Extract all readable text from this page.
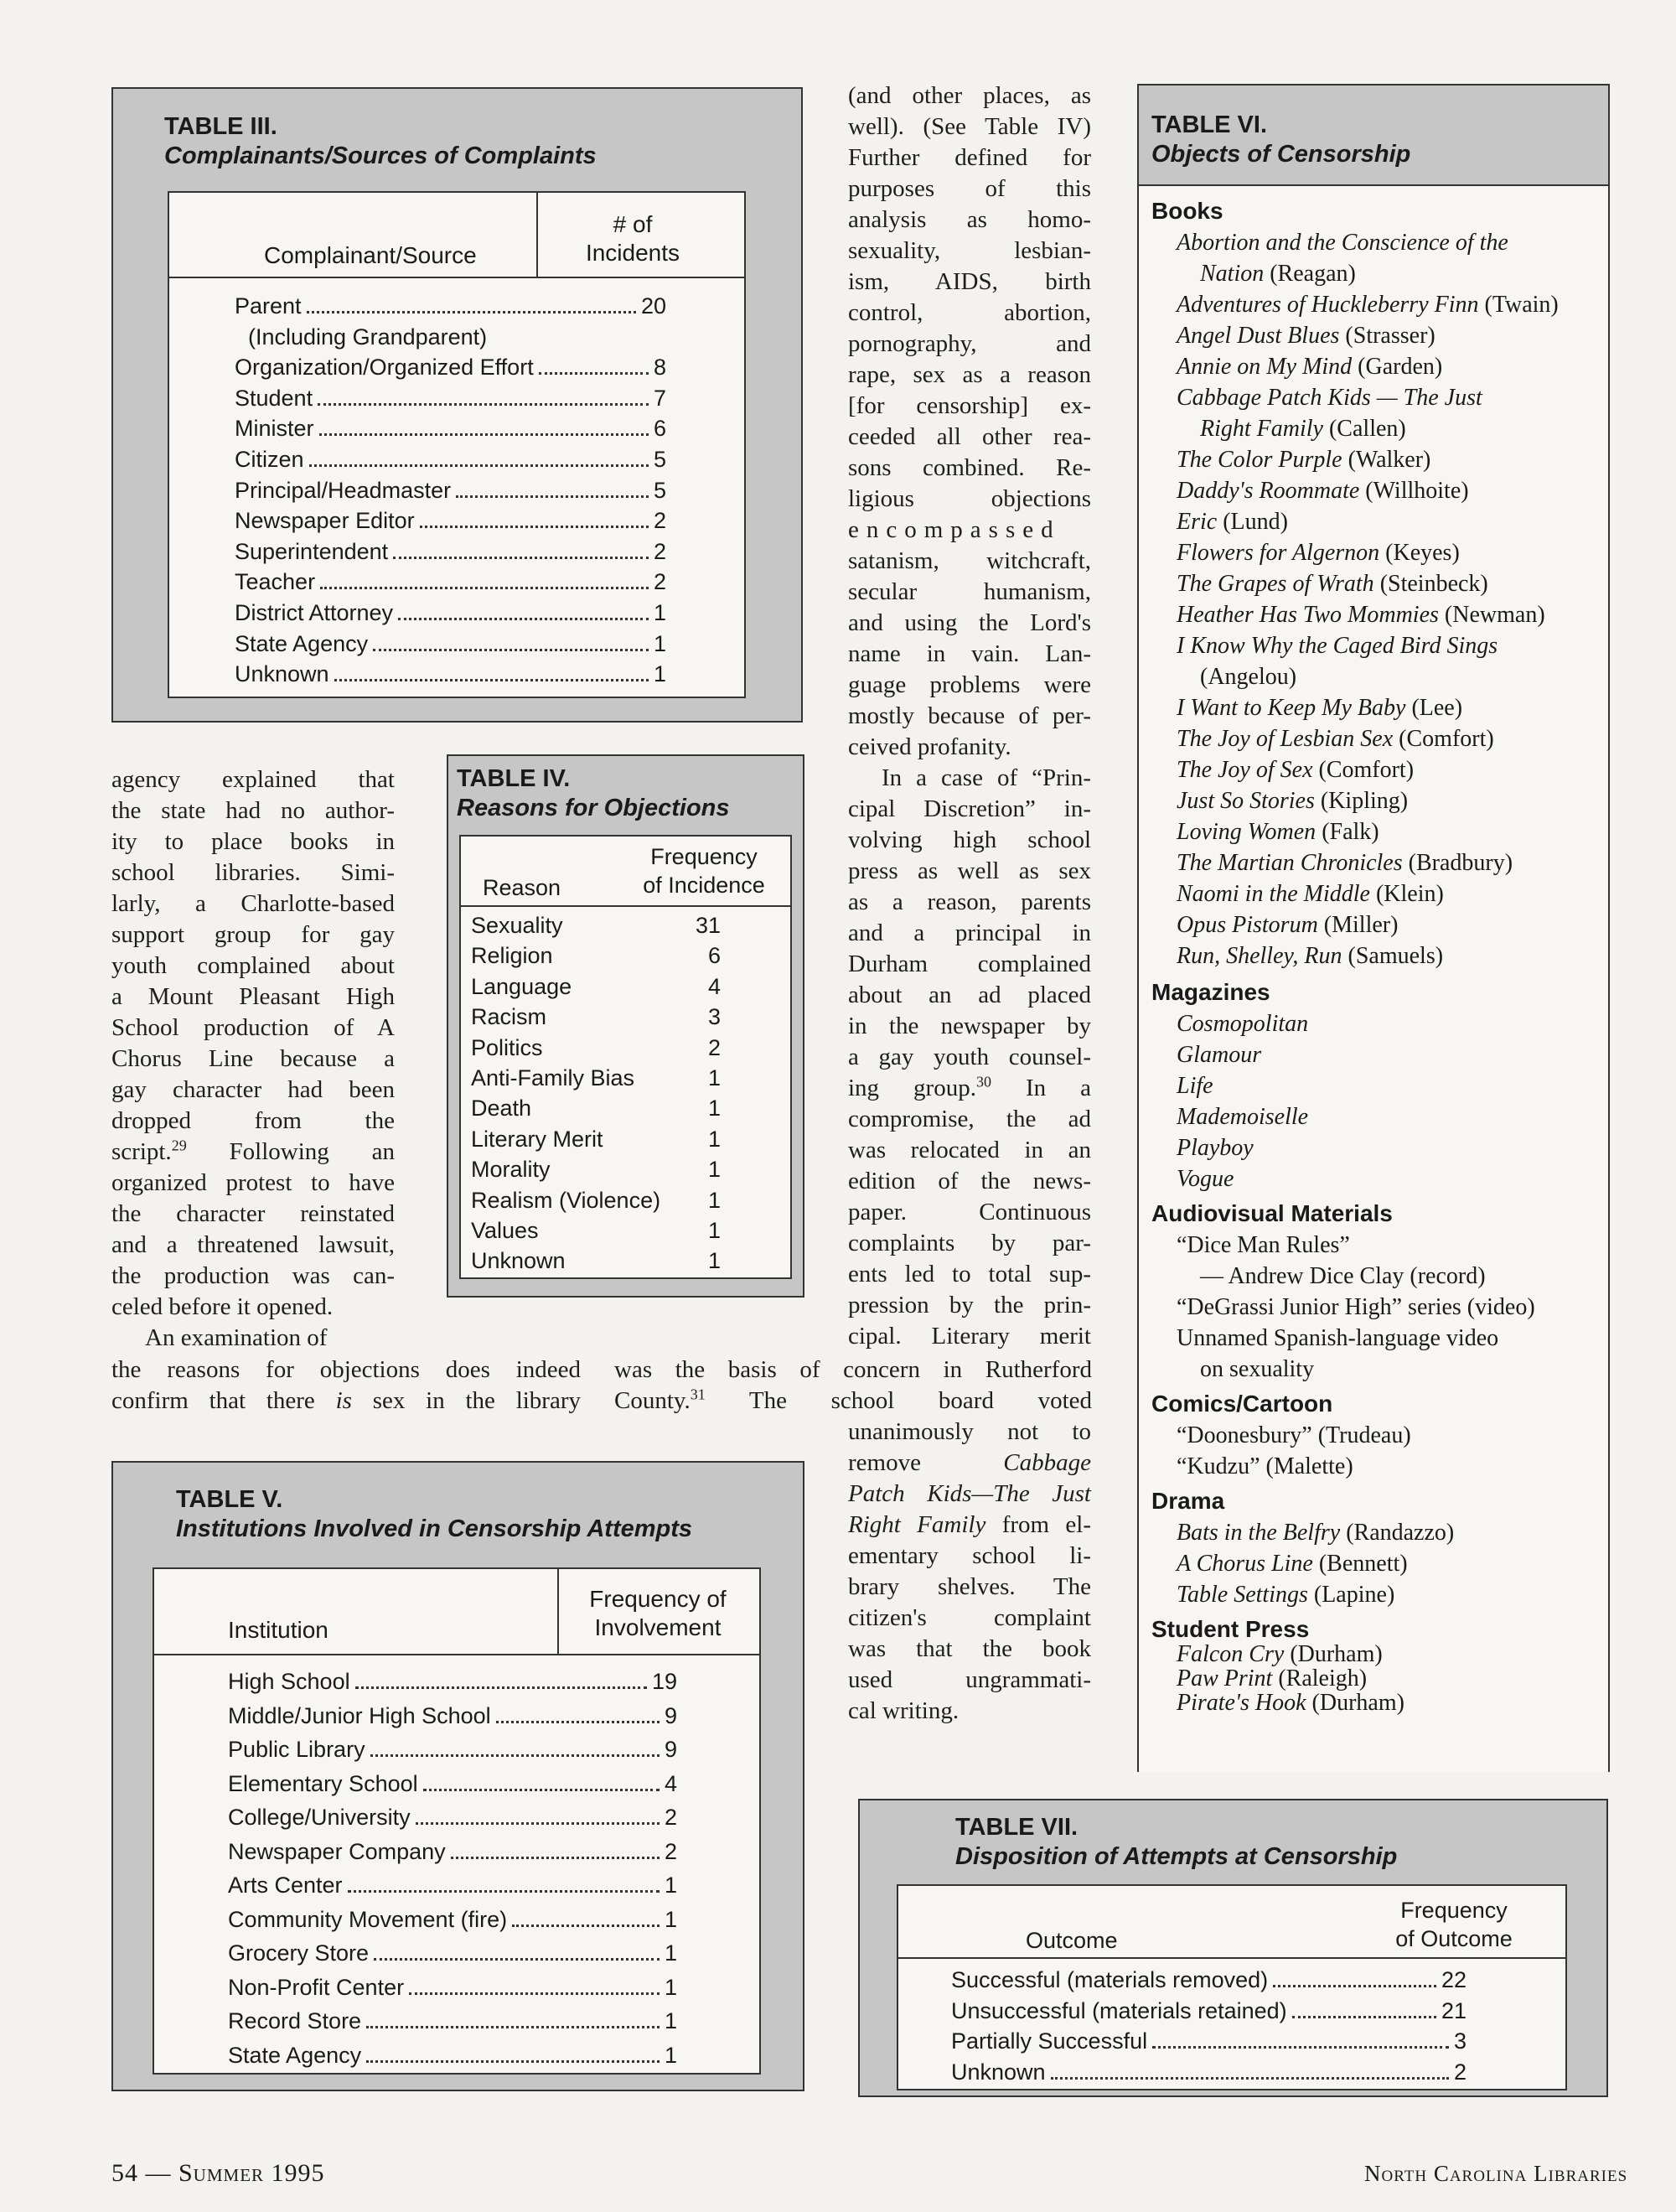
TABLE III.
Complainants/Sources of Complaints
Complainant/Source
# of
Incidents
Parent	20
(Including Grandparent)
Organization/Organized Effort	8
Student	7
Minister	6
Citizen	5
Principal/Headmaster	5
Newspaper Editor	2
Superintendent	2
Teacher	2
District Attorney	1
State Agency	1
Unknown	1
TABLE IV.
Reasons for Objections
Reason
Frequency
of Incidence
Sexuality	31
Religion	6
Language	4
Racism	3
Politics	2
Anti-Family Bias	1
Death	1
Literary Merit	1
Morality	1
Realism (Violence)	1
Values	1
Unknown	1
TABLE V.
Institutions Involved in Censorship Attempts
Institution
Frequency of
Involvement
High School	19
Middle/Junior High School	9
Public Library	9
Elementary School	4
College/University	2
Newspaper Company	2
Arts Center	1
Community Movement (fire)	1
Grocery Store	1
Non-Profit Center	1
Record Store	1
State Agency	1
TABLE VI.
Objects of Censorship
Books
Abortion and the Conscience of the
Nation (Reagan)
Adventures of Huckleberry Finn (Twain)
Angel Dust Blues (Strasser)
Annie on My Mind (Garden)
Cabbage Patch Kids — The Just
Right Family (Callen)
The Color Purple (Walker)
Daddy's Roommate (Willhoite)
Eric (Lund)
Flowers for Algernon (Keyes)
The Grapes of Wrath (Steinbeck)
Heather Has Two Mommies (Newman)
I Know Why the Caged Bird Sings
(Angelou)
I Want to Keep My Baby (Lee)
The Joy of Lesbian Sex (Comfort)
The Joy of Sex (Comfort)
Just So Stories (Kipling)
Loving Women (Falk)
The Martian Chronicles (Bradbury)
Naomi in the Middle (Klein)
Opus Pistorum (Miller)
Run, Shelley, Run (Samuels)
Magazines
Cosmopolitan
Glamour
Life
Mademoiselle
Playboy
Vogue
Audiovisual Materials
“Dice Man Rules”
— Andrew Dice Clay (record)
“DeGrassi Junior High” series (video)
Unnamed Spanish-language video
on sexuality
Comics/Cartoon
“Doonesbury” (Trudeau)
“Kudzu” (Malette)
Drama
Bats in the Belfry (Randazzo)
A Chorus Line (Bennett)
Table Settings (Lapine)
Student Press
Falcon Cry (Durham)
Paw Print (Raleigh)
Pirate's Hook (Durham)
TABLE VII.
Disposition of Attempts at Censorship
Outcome
Frequency
of Outcome
Successful (materials removed)	22
Unsuccessful (materials retained)	21
Partially Successful	3
Unknown	2

agency explained that

the state had no author-

ity to place books in

school libraries. Simi-

larly, a Charlotte-based

support group for gay

youth complained about

a Mount Pleasant High

School production of A

Chorus Line because a

gay character had been

dropped from the

script.$^{29}$ Following an

organized protest to have

the character reinstated

and a threatened lawsuit,

the production was can-

celed before it opened.

An examination of

the reasons for objections does indeed

confirm that there is sex in the library

(and other places, as

well). (See Table IV)

Further defined for

purposes of this

analysis as homo-

sexuality, lesbian-

ism, AIDS, birth

control, abortion,

pornography, and

rape, sex as a reason

[for censorship] ex-

ceeded all other rea-

sons combined. Re-

ligious objections

encompassed

satanism, witchcraft,

secular humanism,

and using the Lord's

name in vain. Lan-

guage problems were

mostly because of per-

ceived profanity.

In a case of “Prin-

cipal Discretion” in-

volving high school

press as well as sex

as a reason, parents

and a principal in

Durham complained

about an ad placed

in the newspaper by

a gay youth counsel-

ing group.$^{30}$ In a

compromise, the ad

was relocated in an

edition of the news-

paper. Continuous

complaints by par-

ents led to total sup-

pression by the prin-

cipal. Literary merit

was the basis of concern in Rutherford

County.$^{31}$ The school board voted

unanimously not to

remove	Cabbage

Patch Kids—The Just

Right Family from el-

ementary school li-

brary shelves. The

citizen's complaint

was that the book

used ungrammati-

cal writing.

54 — Summer 1995	North Carolina Libraries
